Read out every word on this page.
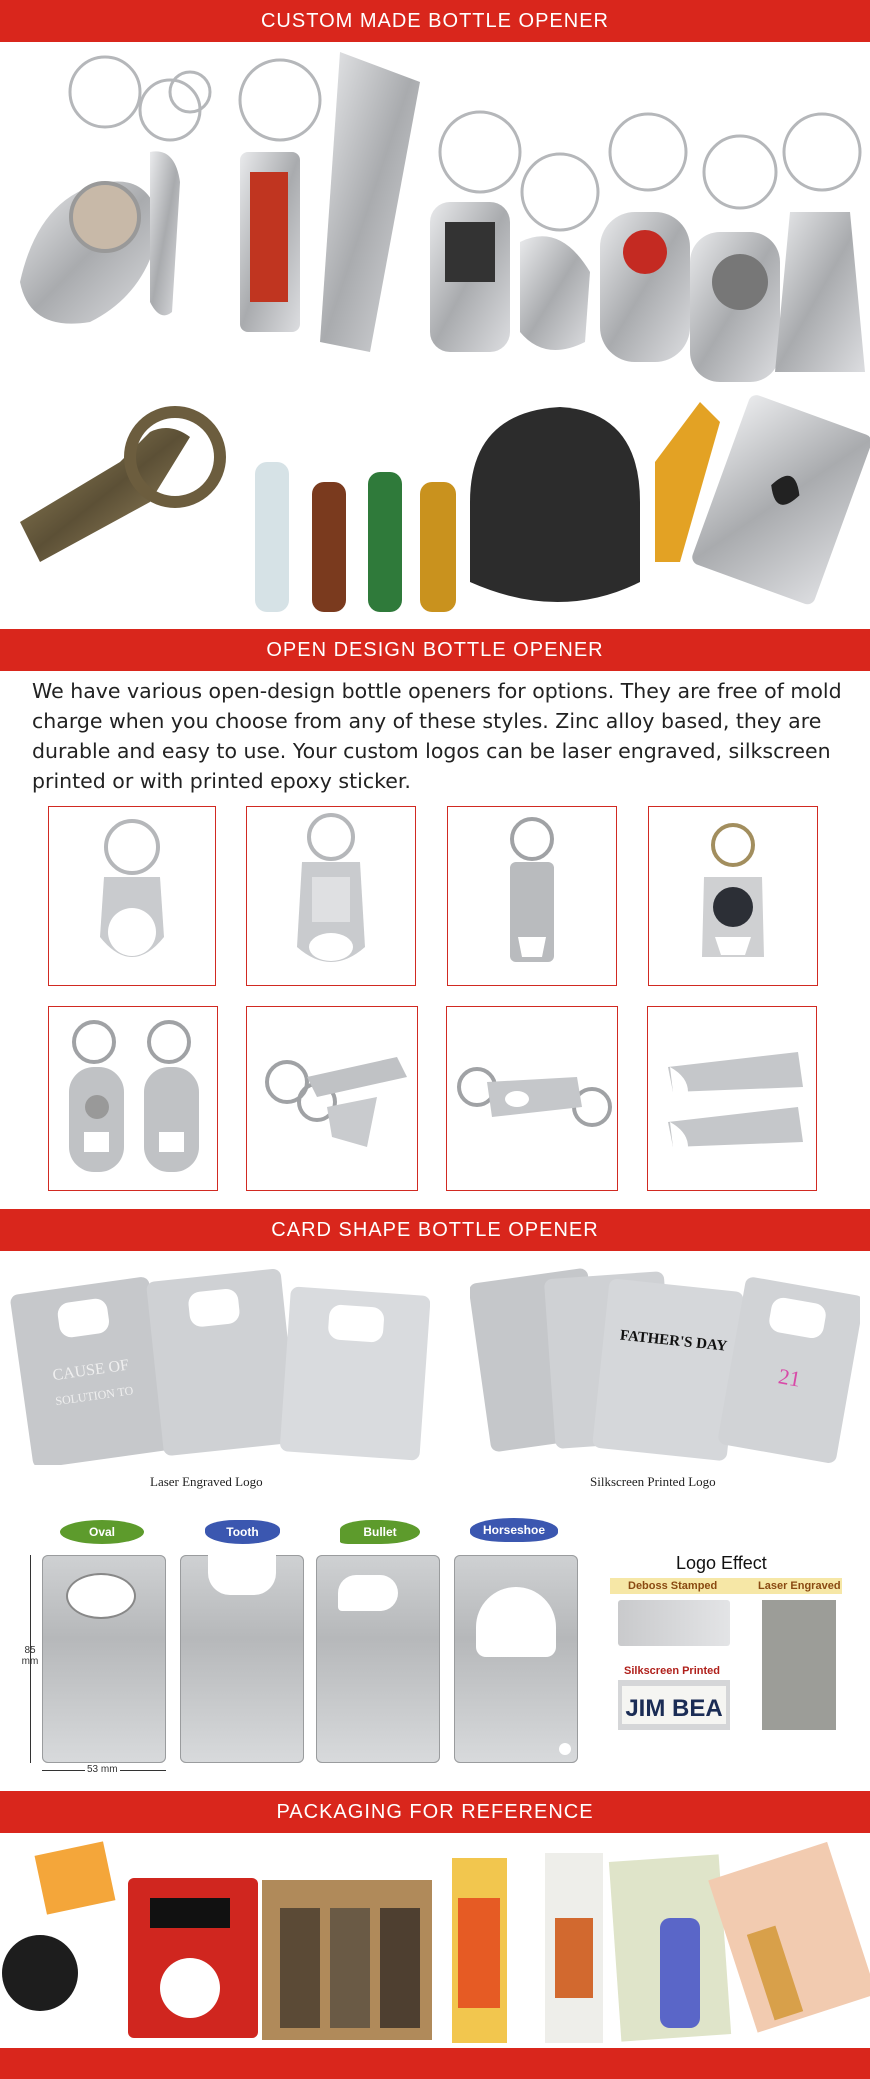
CUSTOM MADE BOTTLE OPENER
OPEN DESIGN BOTTLE OPENER

We have various open-design bottle openers for options. They are free of mold charge when you choose from any of these styles. Zinc alloy based, they are durable and easy to use. Your custom logos can be laser engraved, silkscreen printed or with printed epoxy sticker.

CARD SHAPE BOTTLE OPENER
CAUSE OF
SOLUTION TO
FATHER'S DAY
21
Laser Engraved Logo	Silkscreen Printed Logo
Oval	Tooth	Bullet	Horseshoe
85 mm
53 mm
Logo Effect
Deboss Stamped	Laser Engraved
Silkscreen Printed
JIM BEA
PACKAGING FOR REFERENCE
